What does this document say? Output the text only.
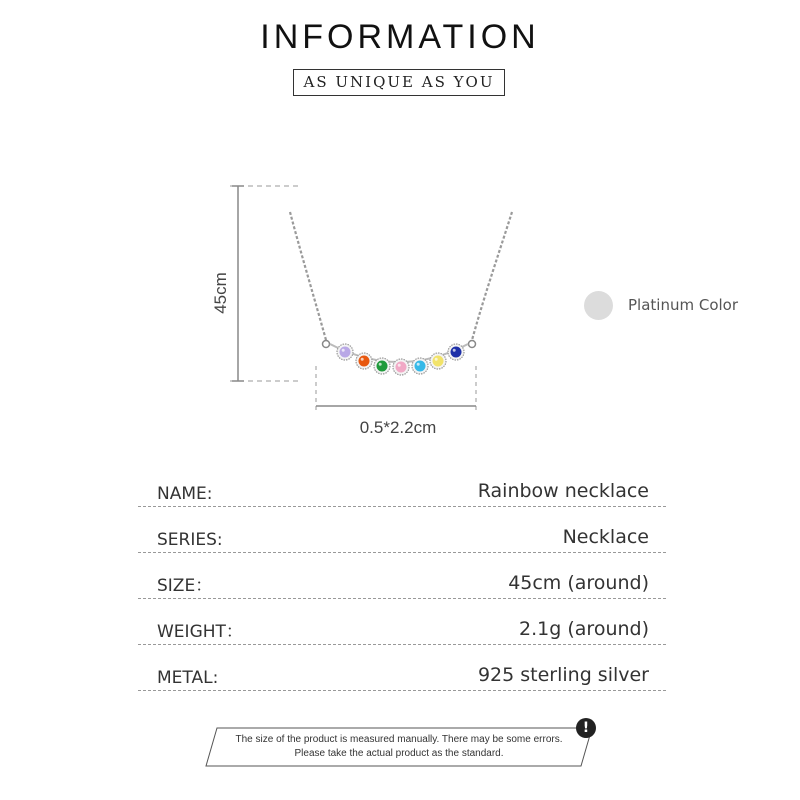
INFORMATION
AS UNIQUE AS YOU
45cm
0.5*2.2cm
Platinum Color
NAME:	Rainbow necklace
SERIES:	Necklace
SIZE：	45cm (around)
WEIGHT：	2.1g (around)
METAL:	925 sterling silver
The size of the product is measured manually. There may be some errors.
Please take the actual product as the standard.
!
